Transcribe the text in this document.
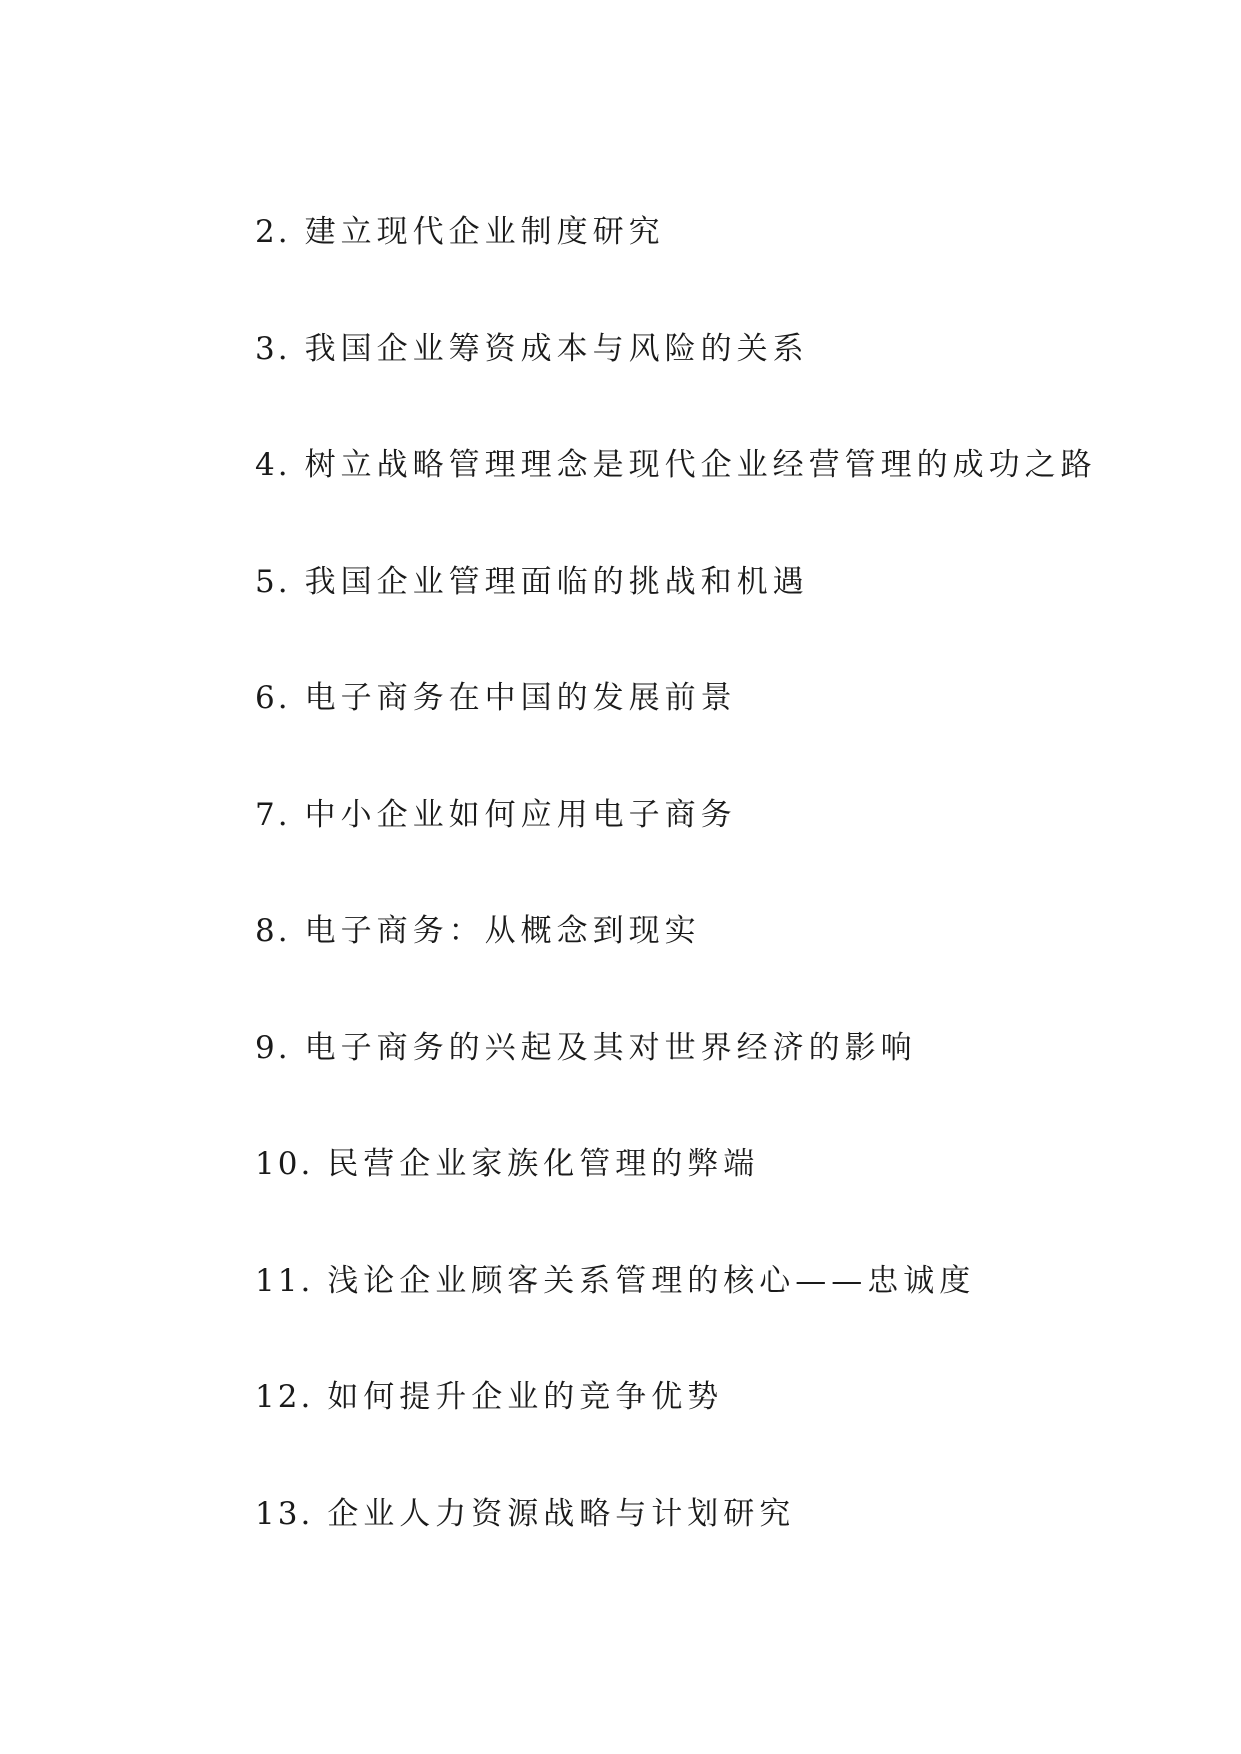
2. 建立现代企业制度研究
3. 我国企业筹资成本与风险的关系
4. 树立战略管理理念是现代企业经营管理的成功之路
5. 我国企业管理面临的挑战和机遇
6. 电子商务在中国的发展前景
7. 中小企业如何应用电子商务
8. 电子商务：从概念到现实
9. 电子商务的兴起及其对世界经济的影响
10. 民营企业家族化管理的弊端
11. 浅论企业顾客关系管理的核心——忠诚度
12. 如何提升企业的竞争优势
13. 企业人力资源战略与计划研究
